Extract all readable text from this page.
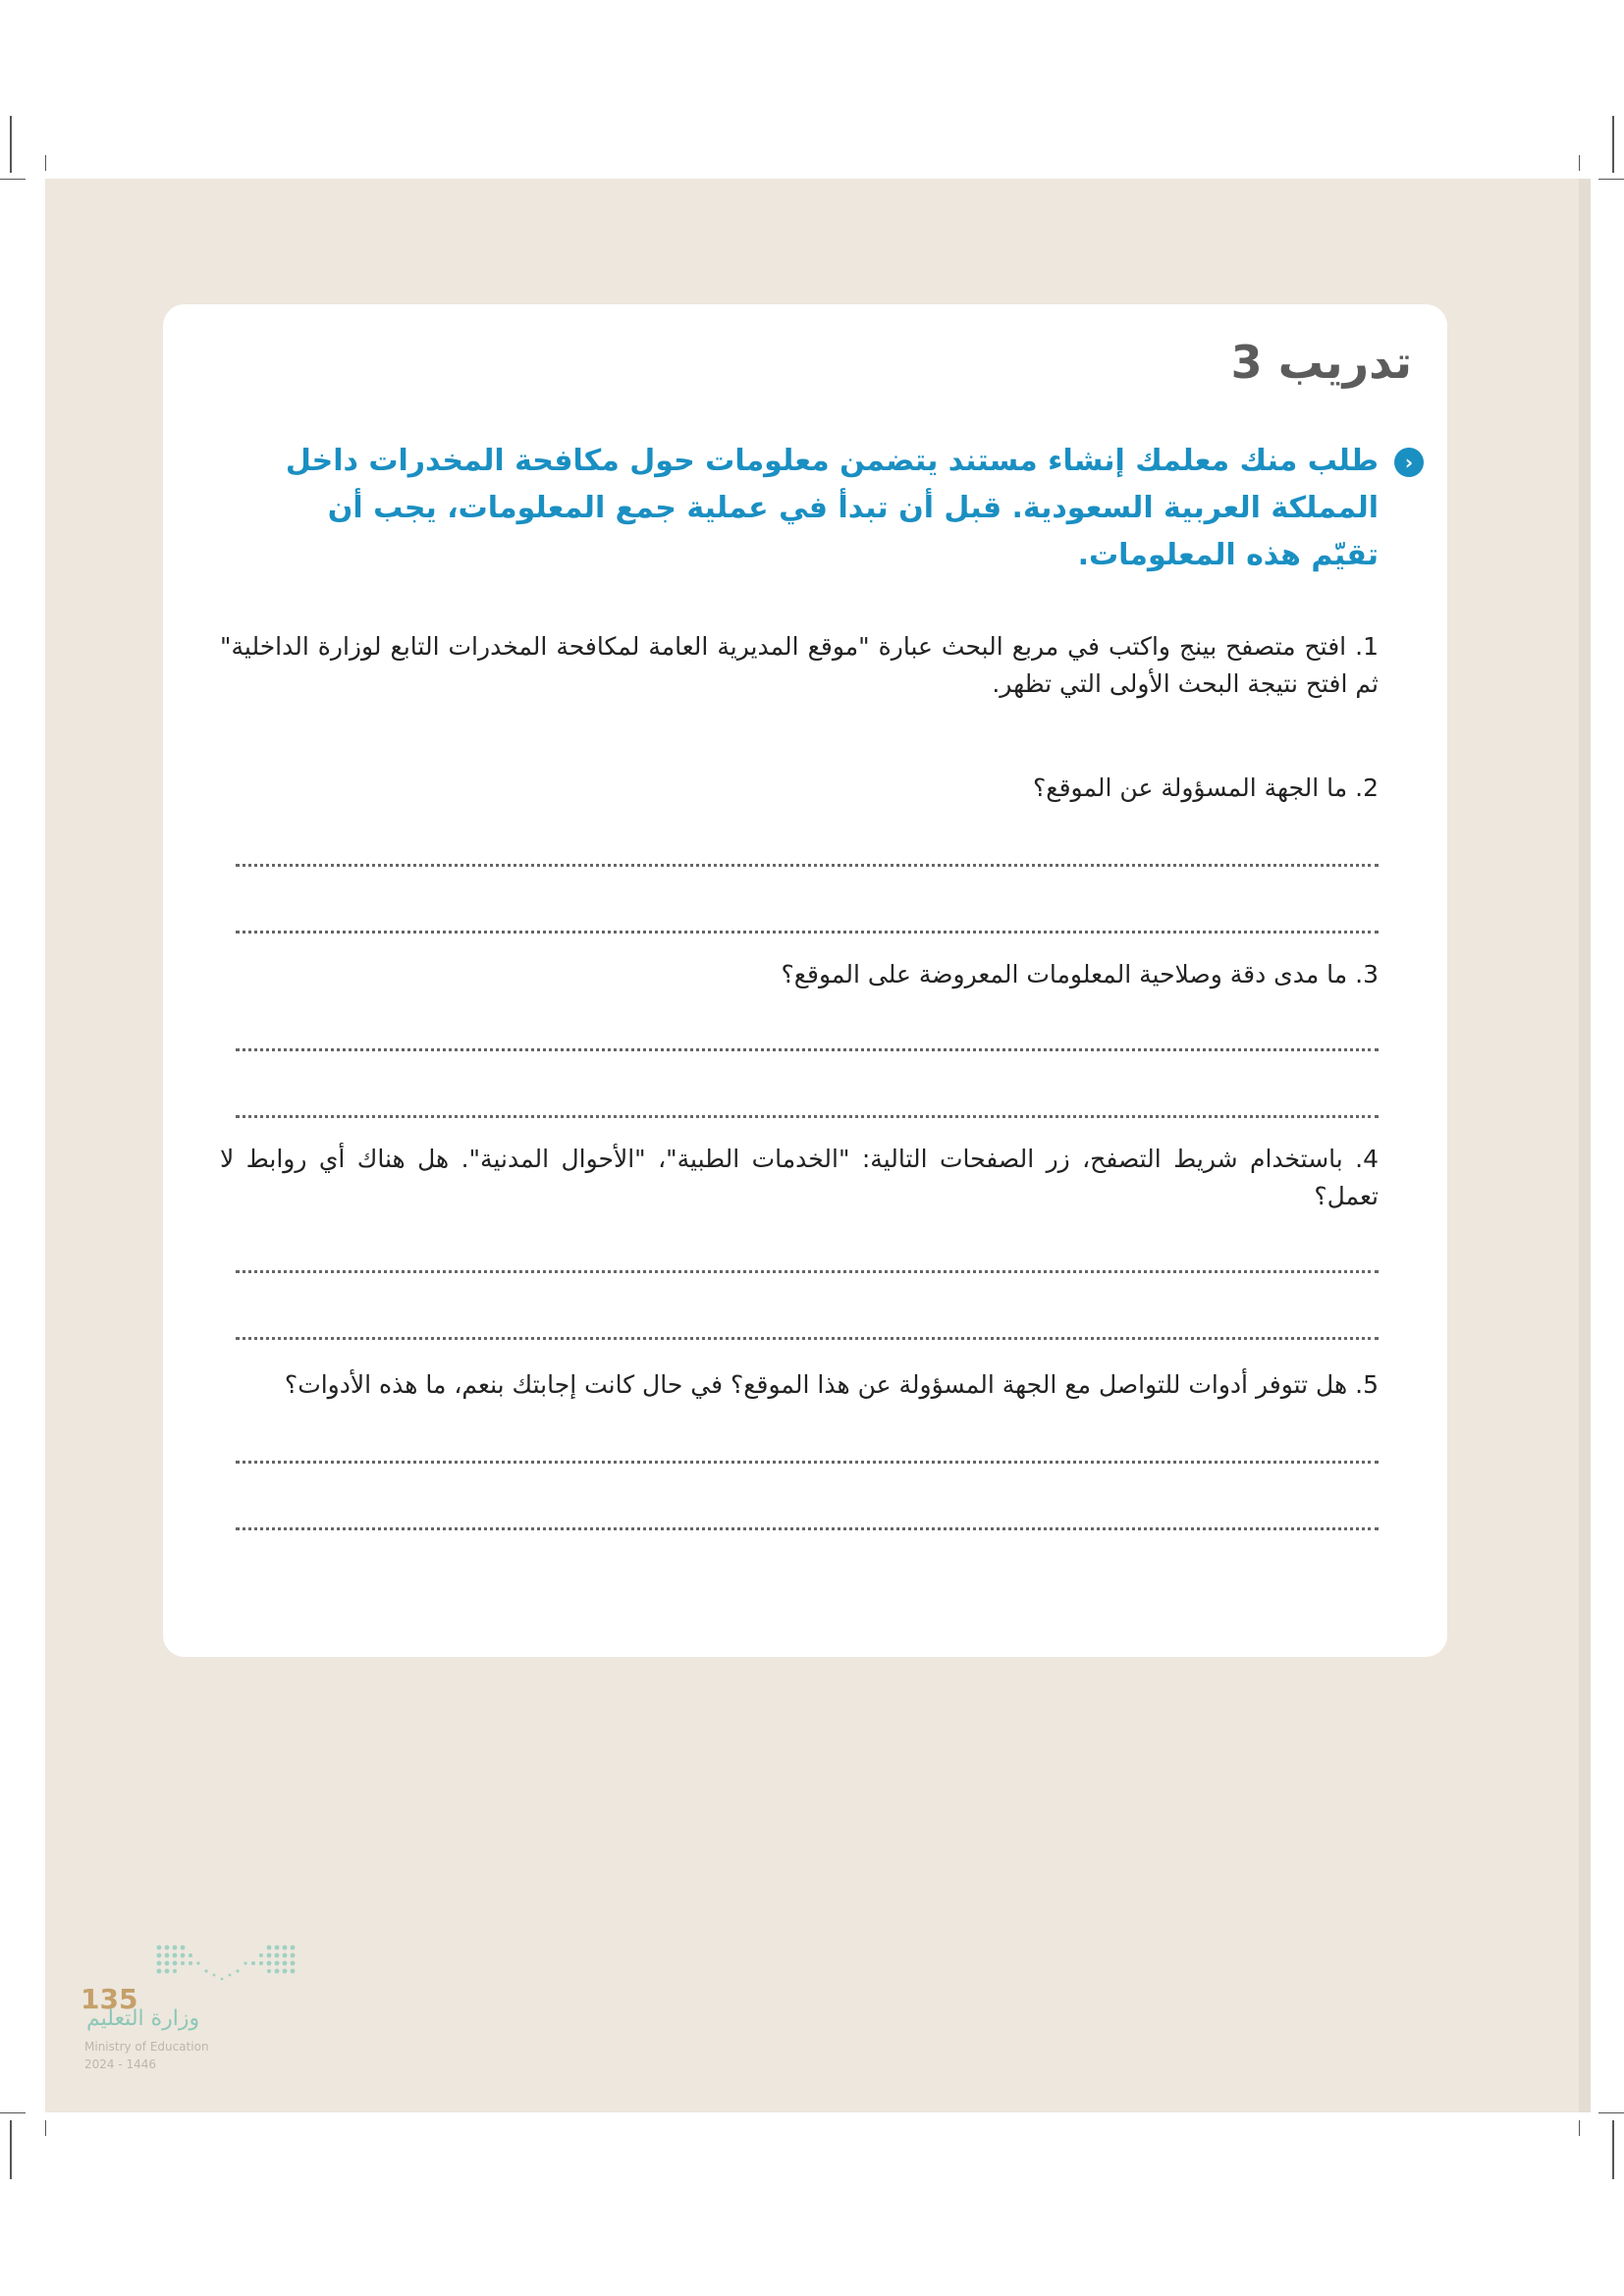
تدريب 3

‹
طلب منك معلمك إنشاء مستند يتضمن معلومات حول مكافحة المخدرات داخل المملكة العربية السعودية. قبل أن تبدأ في عملية جمع المعلومات، يجب أن تقيّم هذه المعلومات.

1. افتح متصفح بينج واكتب في مربع البحث عبارة "موقع المديرية العامة لمكافحة المخدرات التابع لوزارة الداخلية" ثم افتح نتيجة البحث الأولى التي تظهر.

2. ما الجهة المسؤولة عن الموقع؟

3. ما مدى دقة وصلاحية المعلومات المعروضة على الموقع؟

4. باستخدام شريط التصفح، زر الصفحات التالية: "الخدمات الطبية"، "الأحوال المدنية". هل هناك أي روابط لا تعمل؟

5. هل تتوفر أدوات للتواصل مع الجهة المسؤولة عن هذا الموقع؟ في حال كانت إجابتك بنعم، ما هذه الأدوات؟

135
وزارة التعليم
Ministry of Education
2024 - 1446
